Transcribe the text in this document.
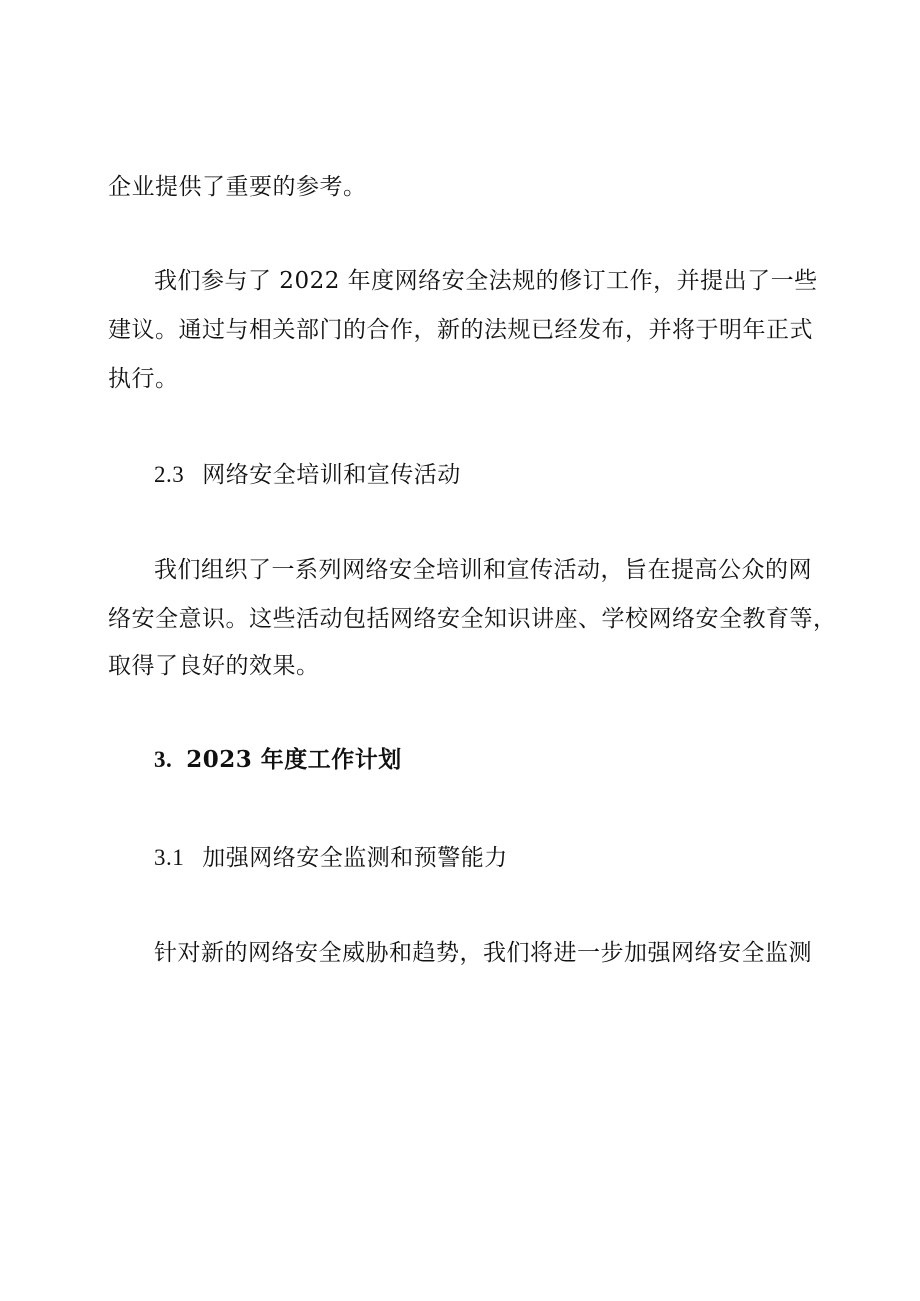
企业提供了重要的参考。
我们参与了 2022 年度网络安全法规的修订工作，并提出了一些
建议。通过与相关部门的合作，新的法规已经发布，并将于明年正式
执行。
2.3 网络安全培训和宣传活动
我们组织了一系列网络安全培训和宣传活动，旨在提高公众的网
络安全意识。这些活动包括网络安全知识讲座、学校网络安全教育等，
取得了良好的效果。
3. 2023 年度工作计划
3.1 加强网络安全监测和预警能力
针对新的网络安全威胁和趋势，我们将进一步加强网络安全监测
